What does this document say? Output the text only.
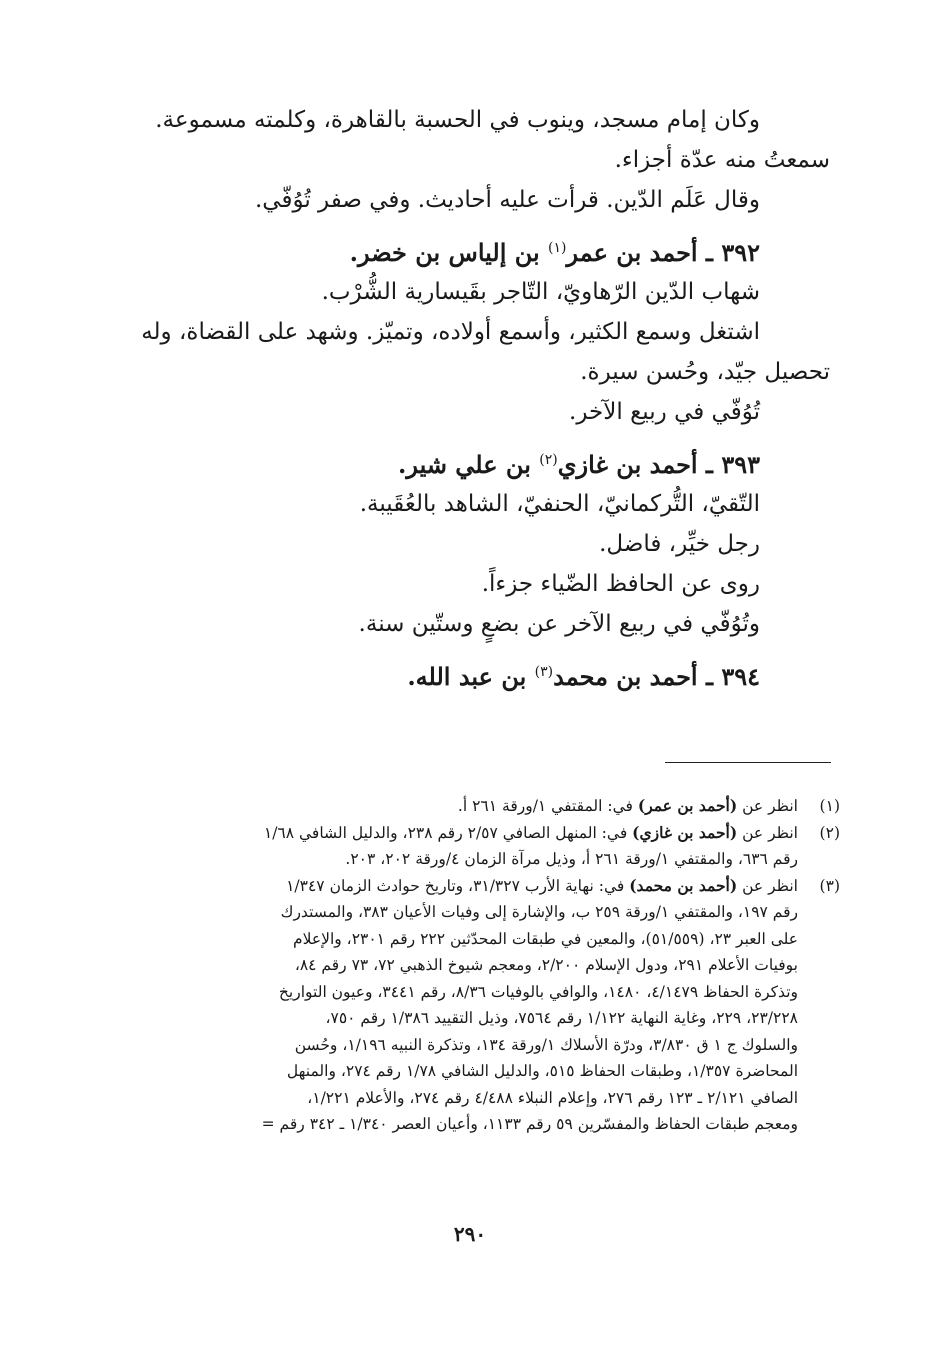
وكان إمام مسجد، وينوب في الحسبة بالقاهرة، وكلمته مسموعة.
سمعتُ منه عدّة أجزاء.
وقال عَلَم الدّين. قرأت عليه أحاديث. وفي صفر تُوُفّي.
٣٩٢ ـ أحمد بن عمر$^{(١)}$ بن إلياس بن خضر.
شهاب الدّين الرّهاويّ، التّاجر بقَيسارية الشُّرْب.
اشتغل وسمع الكثير، وأسمع أولاده، وتميّز. وشهد على القضاة، وله
تحصيل جيّد، وحُسن سيرة.
تُوُفّي في ربيع الآخر.
٣٩٣ ـ أحمد بن غازي$^{(٢)}$ بن علي شير.
التّقيّ، التُّركمانيّ، الحنفيّ، الشاهد بالعُقَيبة.
رجل خيِّر، فاضل.
روى عن الحافظ الضّياء جزءاً.
وتُوُفّي في ربيع الآخر عن بضعٍ وستّين سنة.
٣٩٤ ـ أحمد بن محمد$^{(٣)}$ بن عبد الله.
(١)
انظر عن (أحمد بن عمر) في: المقتفي ١/ورقة ٢٦١ أ.
(٢)
انظر عن (أحمد بن غازي) في: المنهل الصافي ٢/٥٧ رقم ٢٣٨، والدليل الشافي ١/٦٨
رقم ٦٣٦، والمقتفي ١/ورقة ٢٦١ أ، وذيل مرآة الزمان ٤/ورقة ٢٠٢، ٢٠٣.
(٣)
انظر عن (أحمد بن محمد) في: نهاية الأرب ٣١/٣٢٧، وتاريخ حوادث الزمان ١/٣٤٧
رقم ١٩٧، والمقتفي ١/ورقة ٢٥٩ ب، والإشارة إلى وفيات الأعيان ٣٨٣، والمستدرك
على العبر ٢٣، (٥١/٥٥٩)، والمعين في طبقات المحدّثين ٢٢٢ رقم ٢٣٠١، والإعلام
بوفيات الأعلام ٢٩١، ودول الإسلام ٢/٢٠٠، ومعجم شيوخ الذهبي ٧٢، ٧٣ رقم ٨٤،
وتذكرة الحفاظ ٤/١٤٧٩، ١٤٨٠، والوافي بالوفيات ٨/٣٦، رقم ٣٤٤١، وعيون التواريخ
٢٣/٢٢٨، ٢٢٩، وغاية النهاية ١/١٢٢ رقم ٧٥٦٤، وذيل التقييد ١/٣٨٦ رقم ٧٥٠،
والسلوك ج ١ ق ٣/٨٣٠، ودرّة الأسلاك ١/ورقة ١٣٤، وتذكرة النبيه ١/١٩٦، وحُسن
المحاضرة ١/٣٥٧، وطبقات الحفاظ ٥١٥، والدليل الشافي ١/٧٨ رقم ٢٧٤، والمنهل
الصافي ٢/١٢١ ـ ١٢٣ رقم ٢٧٦، وإعلام النبلاء ٤/٤٨٨ رقم ٢٧٤، والأعلام ١/٢٢١،
ومعجم طبقات الحفاظ والمفسّرين ٥٩ رقم ١١٣٣، وأعيان العصر ١/٣٤٠ ـ ٣٤٢ رقم =
٢٩٠
